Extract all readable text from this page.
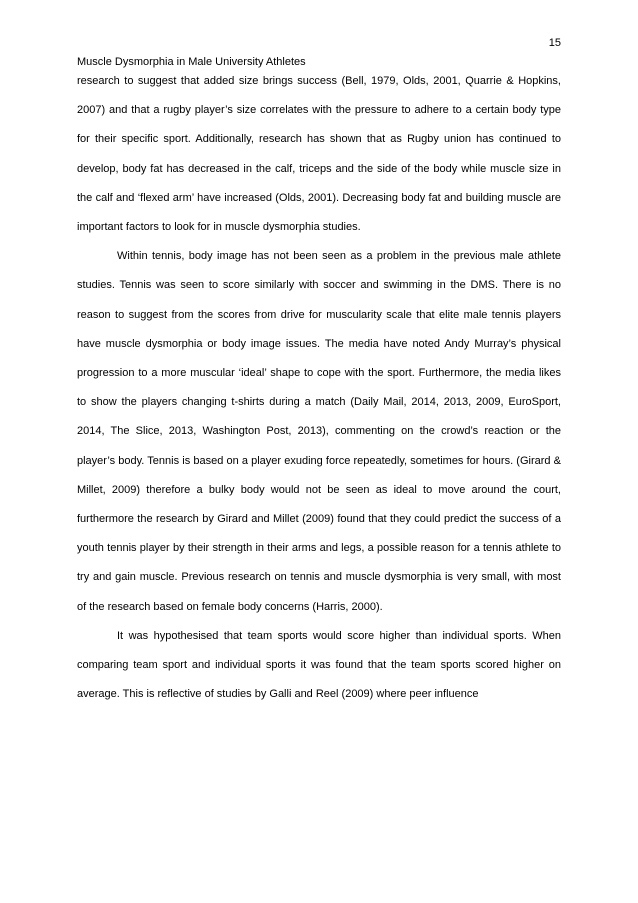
15

Muscle Dysmorphia in Male University Athletes

research to suggest that added size brings success (Bell, 1979, Olds, 2001, Quarrie & Hopkins, 2007) and that a rugby player’s size correlates with the pressure to adhere to a certain body type for their specific sport. Additionally, research has shown that as Rugby union has continued to develop, body fat has decreased in the calf, triceps and the side of the body while muscle size in the calf and ‘flexed arm’ have increased (Olds, 2001). Decreasing body fat and building muscle are important factors to look for in muscle dysmorphia studies.

Within tennis, body image has not been seen as a problem in the previous male athlete studies. Tennis was seen to score similarly with soccer and swimming in the DMS. There is no reason to suggest from the scores from drive for muscularity scale that elite male tennis players have muscle dysmorphia or body image issues. The media have noted Andy Murray’s physical progression to a more muscular ‘ideal’ shape to cope with the sport. Furthermore, the media likes to show the players changing t-shirts during a match (Daily Mail, 2014, 2013, 2009, EuroSport, 2014, The Slice, 2013, Washington Post, 2013), commenting on the crowd’s reaction or the player’s body. Tennis is based on a player exuding force repeatedly, sometimes for hours. (Girard & Millet, 2009) therefore a bulky body would not be seen as ideal to move around the court, furthermore the research by Girard and Millet (2009) found that they could predict the success of a youth tennis player by their strength in their arms and legs, a possible reason for a tennis athlete to try and gain muscle. Previous research on tennis and muscle dysmorphia is very small, with most of the research based on female body concerns (Harris, 2000).

It was hypothesised that team sports would score higher than individual sports. When comparing team sport and individual sports it was found that the team sports scored higher on average. This is reflective of studies by Galli and Reel (2009) where peer influence
